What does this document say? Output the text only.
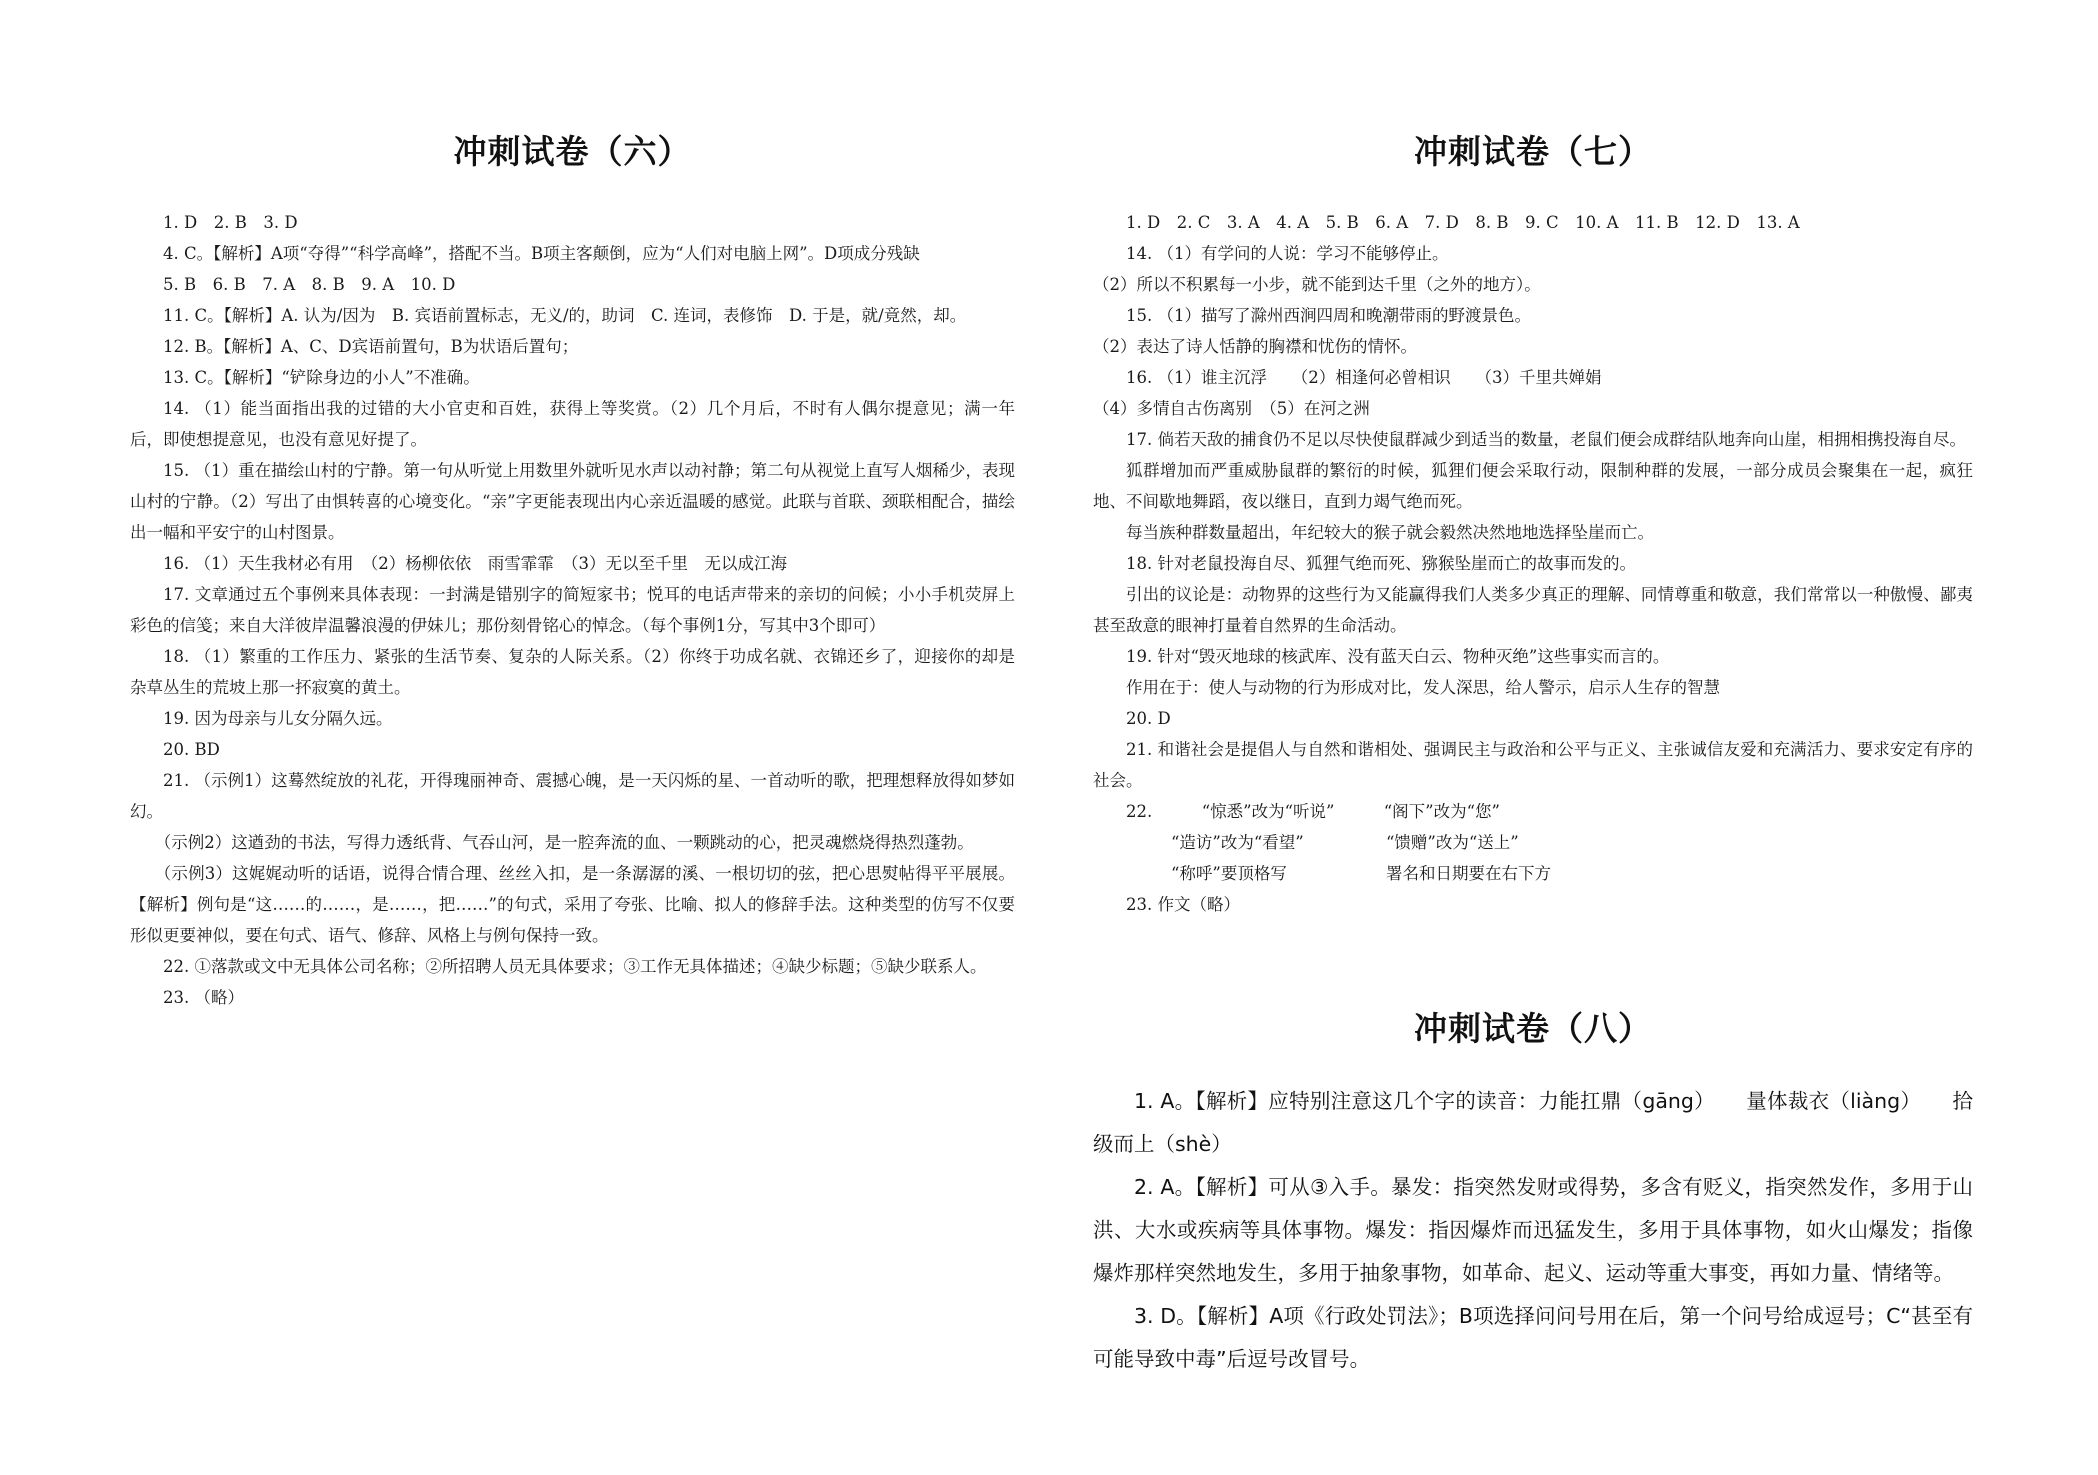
冲刺试卷（六）

1. D　2. B　3. D

4. C。【解析】A项“夺得”“科学高峰”，搭配不当。B项主客颠倒，应为“人们对电脑上网”。D项成分残缺

5. B　6. B　7. A　8. B　9. A　10. D

11. C。【解析】A. 认为/因为　B. 宾语前置标志，无义/的，助词　C. 连词，表修饰　D. 于是，就/竟然，却。

12. B。【解析】A、C、D宾语前置句，B为状语后置句；

13. C。【解析】“铲除身边的小人”不准确。

14. （1）能当面指出我的过错的大小官吏和百姓，获得上等奖赏。（2）几个月后，不时有人偶尔提意见；满一年后，即使想提意见，也没有意见好提了。

15. （1）重在描绘山村的宁静。第一句从听觉上用数里外就听见水声以动衬静；第二句从视觉上直写人烟稀少，表现山村的宁静。（2）写出了由惧转喜的心境变化。“亲”字更能表现出内心亲近温暖的感觉。此联与首联、颈联相配合，描绘出一幅和平安宁的山村图景。

16. （1）天生我材必有用　（2）杨柳依依　雨雪霏霏　（3）无以至千里　无以成江海

17. 文章通过五个事例来具体表现：一封满是错别字的简短家书；悦耳的电话声带来的亲切的问候；小小手机荧屏上彩色的信笺；来自大洋彼岸温馨浪漫的伊妹儿；那份刻骨铭心的悼念。（每个事例1分，写其中3个即可）

18. （1）繁重的工作压力、紧张的生活节奏、复杂的人际关系。（2）你终于功成名就、衣锦还乡了，迎接你的却是杂草丛生的荒坡上那一抔寂寞的黄土。

19. 因为母亲与儿女分隔久远。

20. BD

21. （示例1）这蓦然绽放的礼花，开得瑰丽神奇、震撼心魄，是一天闪烁的星、一首动听的歌，把理想释放得如梦如幻。

（示例2）这遒劲的书法，写得力透纸背、气吞山河，是一腔奔流的血、一颗跳动的心，把灵魂燃烧得热烈蓬勃。

（示例3）这娓娓动听的话语，说得合情合理、丝丝入扣，是一条潺潺的溪、一根切切的弦，把心思熨帖得平平展展。【解析】例句是“这……的……，是……，把……”的句式，采用了夸张、比喻、拟人的修辞手法。这种类型的仿写不仅要形似更要神似，要在句式、语气、修辞、风格上与例句保持一致。

22. ①落款或文中无具体公司名称；②所招聘人员无具体要求；③工作无具体描述；④缺少标题；⑤缺少联系人。

23. （略）

冲刺试卷（七）

1. D　2. C　3. A　4. A　5. B　6. A　7. D　8. B　9. C　10. A　11. B　12. D　13. A

14. （1）有学问的人说：学习不能够停止。

（2）所以不积累每一小步，就不能到达千里（之外的地方）。

15. （1）描写了滁州西涧四周和晚潮带雨的野渡景色。

（2）表达了诗人恬静的胸襟和忧伤的情怀。

16. （1）谁主沉浮　　（2）相逢何必曾相识　　（3）千里共婵娟

（4）多情自古伤离别　（5）在河之洲

17. 倘若天敌的捕食仍不足以尽快使鼠群减少到适当的数量，老鼠们便会成群结队地奔向山崖，相拥相携投海自尽。

狐群增加而严重威胁鼠群的繁衍的时候，狐狸们便会采取行动，限制种群的发展，一部分成员会聚集在一起，疯狂地、不间歇地舞蹈，夜以继日，直到力竭气绝而死。

每当族种群数量超出，年纪较大的猴子就会毅然决然地地选择坠崖而亡。

18. 针对老鼠投海自尽、狐狸气绝而死、猕猴坠崖而亡的故事而发的。

引出的议论是：动物界的这些行为又能赢得我们人类多少真正的理解、同情尊重和敬意，我们常常以一种傲慢、鄙夷甚至敌意的眼神打量着自然界的生命活动。

19. 针对“毁灭地球的核武库、没有蓝天白云、物种灭绝”这些事实而言的。

作用在于：使人与动物的行为形成对比，发人深思，给人警示，启示人生存的智慧

20. D

21. 和谐社会是提倡人与自然和谐相处、强调民主与政治和公平与正义、主张诚信友爱和充满活力、要求安定有序的社会。

22.　	“惊悉”改为“听说”	“阁下”改为“您”

“造访”改为“看望”	“馈赠”改为“送上”

“称呼”要顶格写	署名和日期要在右下方

23. 作文（略）

冲刺试卷（八）

1. A。【解析】应特别注意这几个字的读音：力能扛鼎（gāng）　　量体裁衣（liàng）　　拾级而上（shè）

2. A。【解析】可从③入手。暴发：指突然发财或得势，多含有贬义，指突然发作，多用于山洪、大水或疾病等具体事物。爆发：指因爆炸而迅猛发生，多用于具体事物，如火山爆发；指像爆炸那样突然地发生，多用于抽象事物，如革命、起义、运动等重大事变，再如力量、情绪等。

3. D。【解析】A项《行政处罚法》；B项选择问问号用在后，第一个问号给成逗号；C“甚至有可能导致中毒”后逗号改冒号。
